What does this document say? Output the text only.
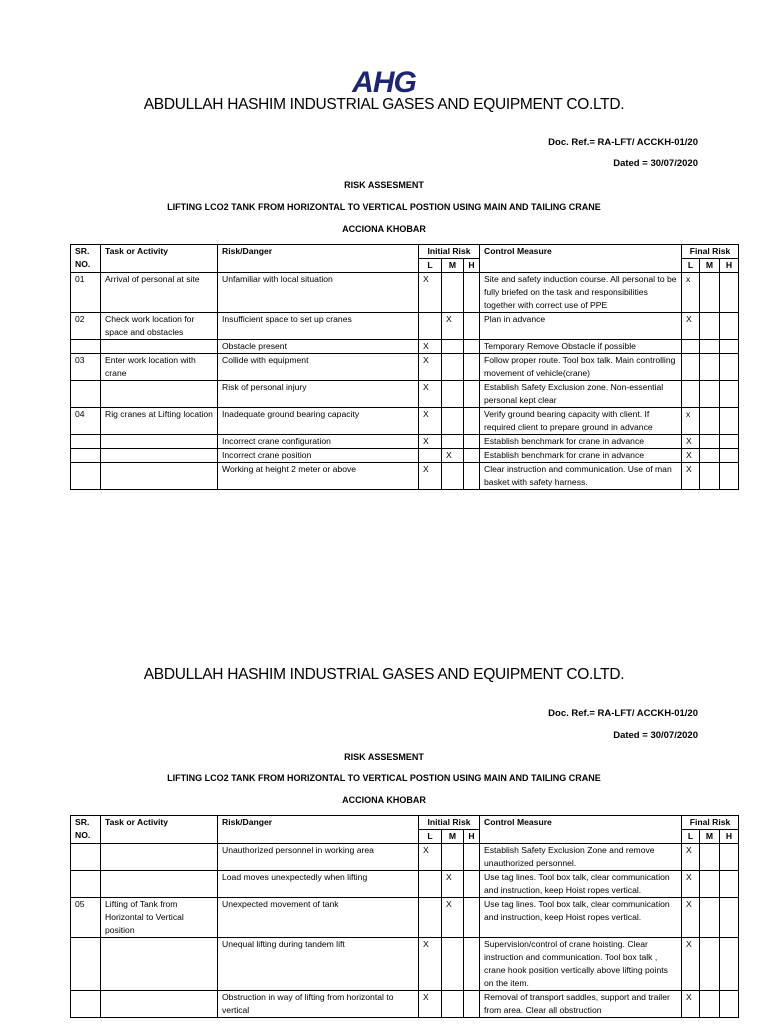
AHG
ABDULLAH HASHIM INDUSTRIAL GASES AND EQUIPMENT CO.LTD.
Doc. Ref.= RA-LFT/ ACCKH-01/20
Dated = 30/07/2020
RISK ASSESMENT
LIFTING LCO2 TANK FROM HORIZONTAL TO VERTICAL POSTION USING MAIN AND TAILING CRANE
ACCIONA KHOBAR
SR. NO.	Task or Activity	Risk/Danger	Initial Risk			Control Measure	Final Risk		
			L	M	H		L	M	H
01	Arrival of personal at site	Unfamiliar with local situation	X			Site and safety induction course. All personal to be fully briefed on the task and responsibilities together with correct use of PPE	x		
02	Check work location for space and obstacles	Insufficient space to set up cranes		X		Plan in advance	X		
		Obstacle present	X			Temporary Remove Obstacle if possible			
03	Enter work location with crane	Collide with equipment	X			Follow proper route. Tool box talk. Main controlling movement of vehicle(crane)			
		Risk of personal injury	X			Establish Safety Exclusion zone. Non-essential personal kept clear			
04	Rig cranes at Lifting location	Inadequate ground bearing capacity	X			Verify ground bearing capacity with client. If required client to prepare ground in advance	x		
		Incorrect crane configuration	X			Establish benchmark for crane in advance	X		
		Incorrect crane position		X		Establish benchmark for crane in advance	X		
		Working at height 2 meter or above	X			Clear instruction and communication. Use of man basket with safety harness.	X		
ABDULLAH HASHIM INDUSTRIAL GASES AND EQUIPMENT CO.LTD.
Doc. Ref.= RA-LFT/ ACCKH-01/20
Dated = 30/07/2020
RISK ASSESMENT
LIFTING LCO2 TANK FROM HORIZONTAL TO VERTICAL POSTION USING MAIN AND TAILING CRANE
ACCIONA KHOBAR
SR. NO.	Task or Activity	Risk/Danger	Initial Risk			Control Measure	Final Risk		
			L	M	H		L	M	H
		Unauthorized personnel in working area	X			Establish Safety Exclusion Zone and remove unauthorized personnel.	X		
		Load moves unexpectedly when lifting		X		Use tag lines. Tool box talk, clear communication and instruction, keep Hoist ropes vertical.	X		
05	Lifting of Tank from Horizontal to Vertical position	Unexpected movement of tank		X		Use tag lines. Tool box talk, clear communication and instruction, keep Hoist ropes vertical.	X		
		Unequal lifting during tandem lift	X			Supervision/control of crane hoisting. Clear instruction and communication. Tool box talk , crane hook position vertically above lifting points on the item.	X		
		Obstruction in way of lifting from horizontal to vertical	X			Removal of transport saddles, support and trailer from area. Clear all obstruction	X		
